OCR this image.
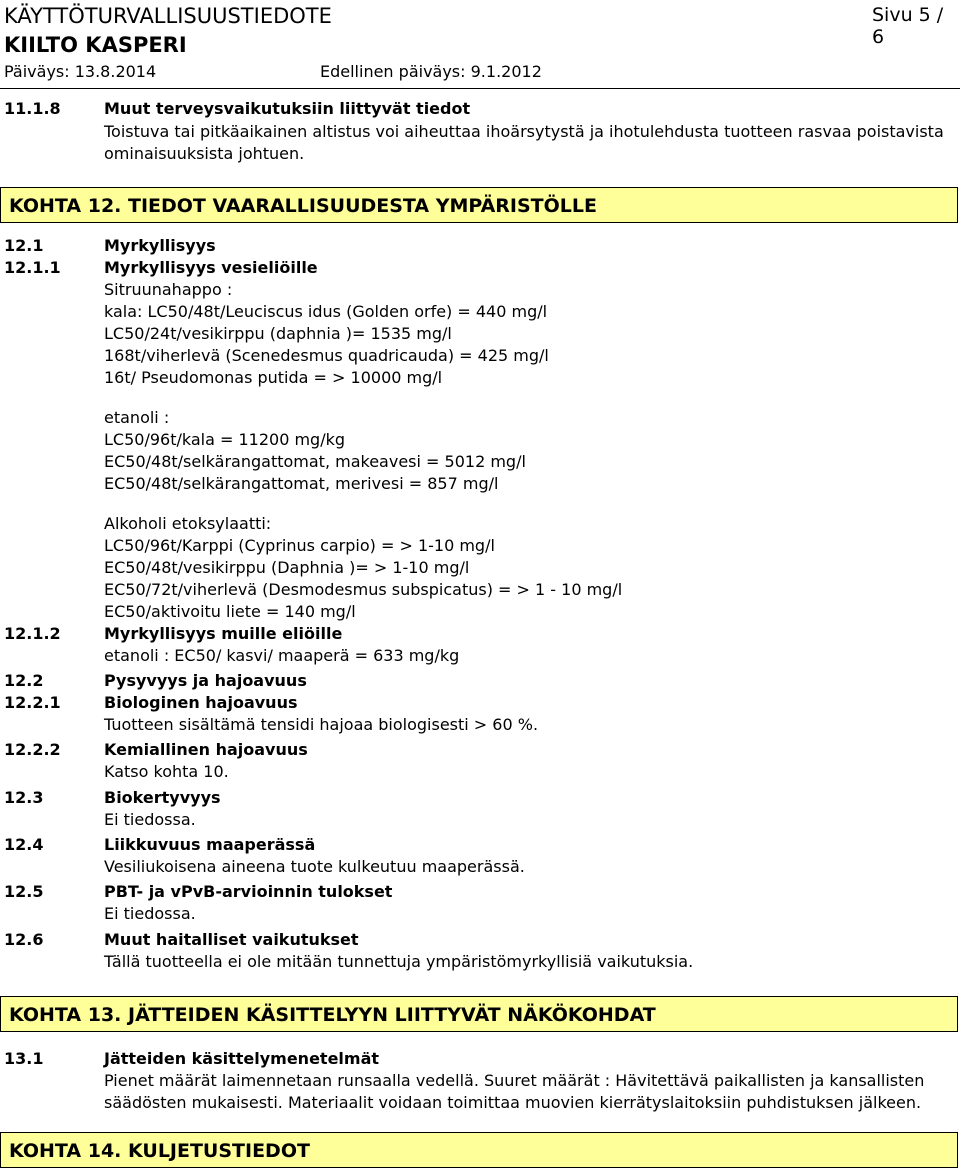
KÄYTTÖTURVALLISUUSTIEDOTE	Sivu 5 / 6
KIILTO KASPERI
Päiväys: 13.8.2014	Edellinen päiväys: 9.1.2012
11.1.8	Muut terveysvaikutuksiin liittyvät tiedot
Toistuva tai pitkäaikainen altistus voi aiheuttaa ihoärsytystä ja ihotulehdusta tuotteen rasvaa poistavista
ominaisuuksista johtuen.
KOHTA 12. TIEDOT VAARALLISUUDESTA YMPÄRISTÖLLE
12.1	Myrkyllisyys
12.1.1	Myrkyllisyys vesieliöille
Sitruunahappo :
kala: LC50/48t/Leuciscus idus (Golden orfe) = 440 mg/l
LC50/24t/vesikirppu (daphnia )= 1535 mg/l
168t/viherlevä (Scenedesmus quadricauda) = 425 mg/l
16t/ Pseudomonas putida = > 10000 mg/l
etanoli :
LC50/96t/kala = 11200 mg/kg
EC50/48t/selkärangattomat, makeavesi = 5012 mg/l
EC50/48t/selkärangattomat, merivesi = 857 mg/l
Alkoholi etoksylaatti:
LC50/96t/Karppi (Cyprinus carpio) = > 1-10 mg/l
EC50/48t/vesikirppu (Daphnia )= > 1-10 mg/l
EC50/72t/viherlevä (Desmodesmus subspicatus) = > 1 - 10 mg/l
EC50/aktivoitu liete = 140 mg/l
12.1.2	Myrkyllisyys muille eliöille
etanoli : EC50/ kasvi/ maaperä = 633 mg/kg
12.2	Pysyvyys ja hajoavuus
12.2.1	Biologinen hajoavuus
Tuotteen sisältämä tensidi hajoaa biologisesti > 60 %.
12.2.2	Kemiallinen hajoavuus
Katso kohta 10.
12.3	Biokertyvyys
Ei tiedossa.
12.4	Liikkuvuus maaperässä
Vesiliukoisena aineena tuote kulkeutuu maaperässä.
12.5	PBT- ja vPvB-arvioinnin tulokset
Ei tiedossa.
12.6	Muut haitalliset vaikutukset
Tällä tuotteella ei ole mitään tunnettuja ympäristömyrkyllisiä vaikutuksia.
KOHTA 13. JÄTTEIDEN KÄSITTELYYN LIITTYVÄT NÄKÖKOHDAT
13.1	Jätteiden käsittelymenetelmät
Pienet määrät laimennetaan runsaalla vedellä. Suuret määrät : Hävitettävä paikallisten ja kansallisten
säädösten mukaisesti. Materiaalit voidaan toimittaa muovien kierrätyslaitoksiin puhdistuksen jälkeen.
KOHTA 14. KULJETUSTIEDOT
